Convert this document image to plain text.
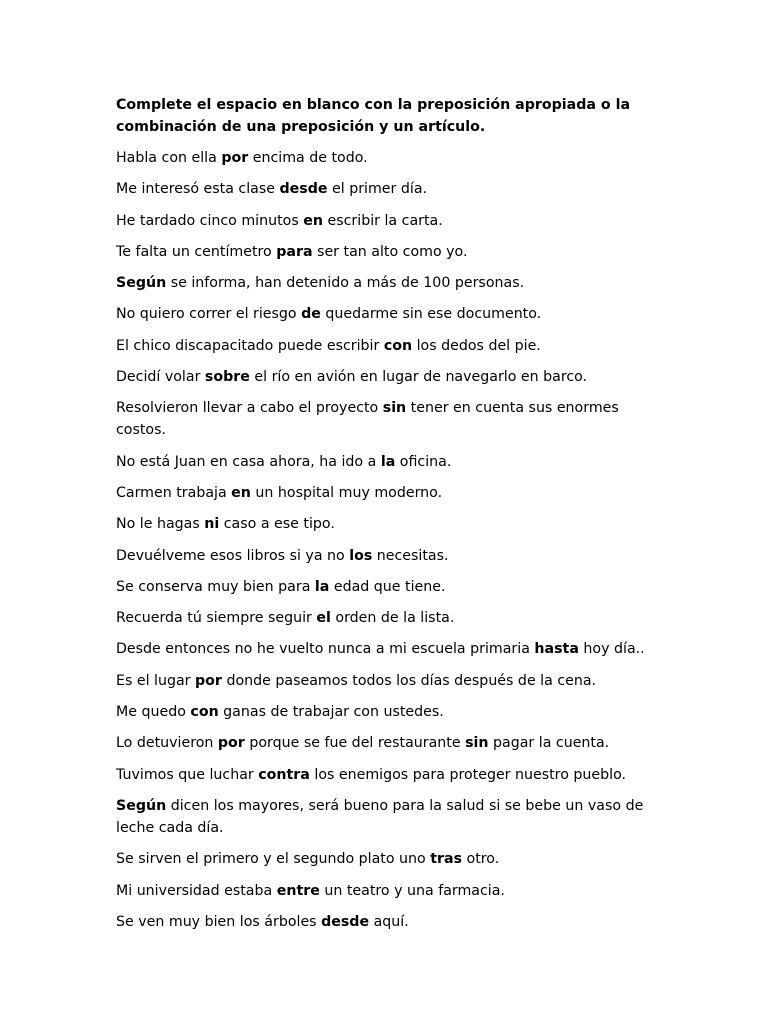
Complete el espacio en blanco con la preposición apropiada o la combinación de una preposición y un artículo.

Habla con ella por encima de todo.

Me interesó esta clase desde el primer día.

He tardado cinco minutos en escribir la carta.

Te falta un centímetro para ser tan alto como yo.

Según se informa, han detenido a más de 100 personas.

No quiero correr el riesgo de quedarme sin ese documento.

El chico discapacitado puede escribir con los dedos del pie.

Decidí volar sobre el río en avión en lugar de navegarlo en barco.

Resolvieron llevar a cabo el proyecto sin tener en cuenta sus enormes costos.

No está Juan en casa ahora, ha ido a la oficina.

Carmen trabaja en un hospital muy moderno.

No le hagas ni caso a ese tipo.

Devuélveme esos libros si ya no los necesitas.

Se conserva muy bien para la edad que tiene.

Recuerda tú siempre seguir el orden de la lista.

Desde entonces no he vuelto nunca a mi escuela primaria hasta hoy día..

Es el lugar por donde paseamos todos los días después de la cena.

Me quedo con ganas de trabajar con ustedes.

Lo detuvieron por porque se fue del restaurante sin pagar la cuenta.

Tuvimos que luchar contra los enemigos para proteger nuestro pueblo.

Según dicen los mayores, será bueno para la salud si se bebe un vaso de leche cada día.

Se sirven el primero y el segundo plato uno tras otro.

Mi universidad estaba entre un teatro y una farmacia.

Se ven muy bien los árboles desde aquí.
